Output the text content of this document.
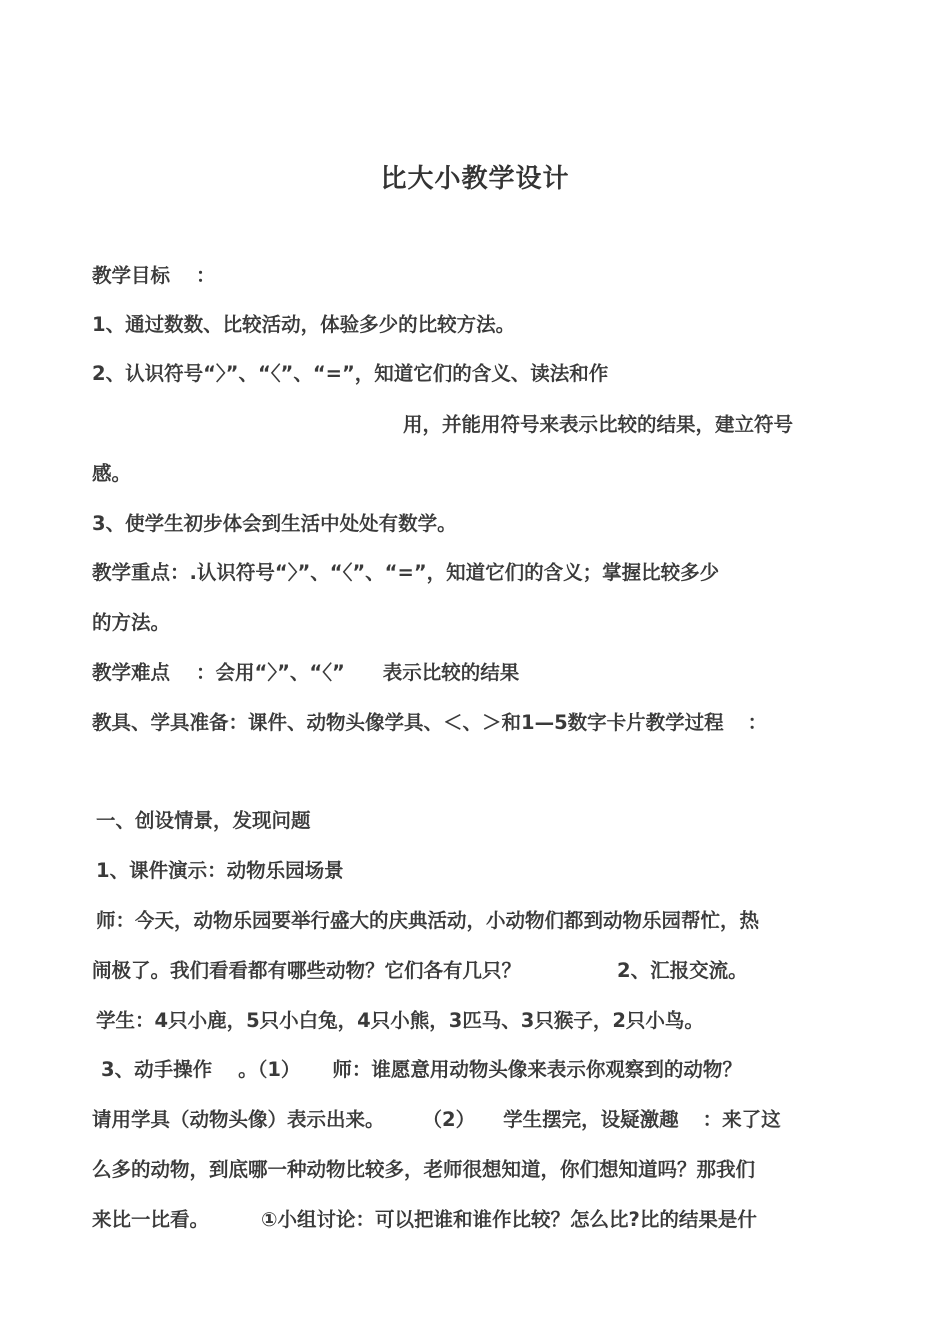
比大小教学设计
教学目标 ：
1、通过数数、比较活动，体验多少的比较方法。
2、认识符号“〉”、“〈”、“=”，知道它们的含义、读法和作
用，并能用符号来表示比较的结果，建立符号
感。
3、使学生初步体会到生活中处处有数学。
教学重点：.认识符号“〉”、“〈”、“=”，知道它们的含义；掌握比较多少
的方法。
教学难点 ：会用“〉”、“〈” 表示比较的结果
教具、学具准备：课件、动物头像学具、＜、＞和1—5数字卡片教学过程 ：
一、创设情景，发现问题
1、课件演示：动物乐园场景
师：今天，动物乐园要举行盛大的庆典活动，小动物们都到动物乐园帮忙，热
闹极了。我们看看都有哪些动物？它们各有几只？	2、汇报交流。
学生：4只小鹿，5只小白兔，4只小熊，3匹马、3只猴子，2只小鸟。
3、动手操作 。（1） 师：谁愿意用动物头像来表示你观察到的动物？
请用学具（动物头像）表示出来。 （2） 学生摆完，设疑激趣 ：来了这
么多的动物，到底哪一种动物比较多，老师很想知道，你们想知道吗？那我们
来比一比看。	①小组讨论：可以把谁和谁作比较？怎么比?比的结果是什
